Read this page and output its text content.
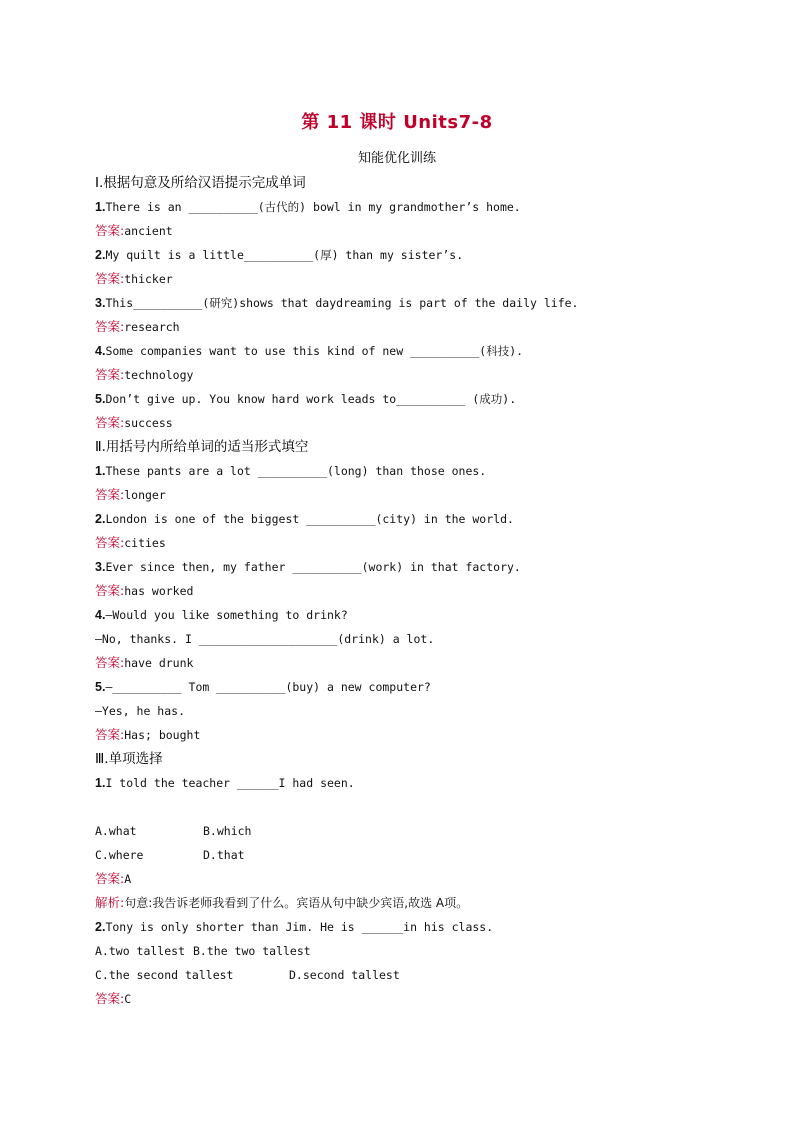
第 11 课时 Units7-8
知能优化训练
Ⅰ.根据句意及所给汉语提示完成单词
1.There is an __________(古代的) bowl in my grandmother’s home.
答案:ancient
2.My quilt is a little__________(厚) than my sister’s.
答案:thicker
3.This__________(研究)shows that daydreaming is part of the daily life.
答案:research
4.Some companies want to use this kind of new __________(科技).
答案:technology
5.Don’t give up. You know hard work leads to__________ (成功).
答案:success
Ⅱ.用括号内所给单词的适当形式填空
1.These pants are a lot __________(long) than those ones.
答案:longer
2.London is one of the biggest __________(city) in the world.
答案:cities
3.Ever since then, my father __________(work) in that factory.
答案:has worked
4.—Would you like something to drink?
—No, thanks. I ____________________(drink) a lot.
答案:have drunk
5.—__________ Tom __________(buy) a new computer?
—Yes, he has.
答案:Has; bought
Ⅲ.单项选择
1.I told the teacher ______I had seen.
A.what	B.which
C.where	D.that
答案:A
解析:句意:我告诉老师我看到了什么。宾语从句中缺少宾语,故选 A项。
2.Tony is only shorter than Jim. He is ______in his class.
A.two tallest B.the two tallest
C.the second tallest	D.second tallest
答案:C
